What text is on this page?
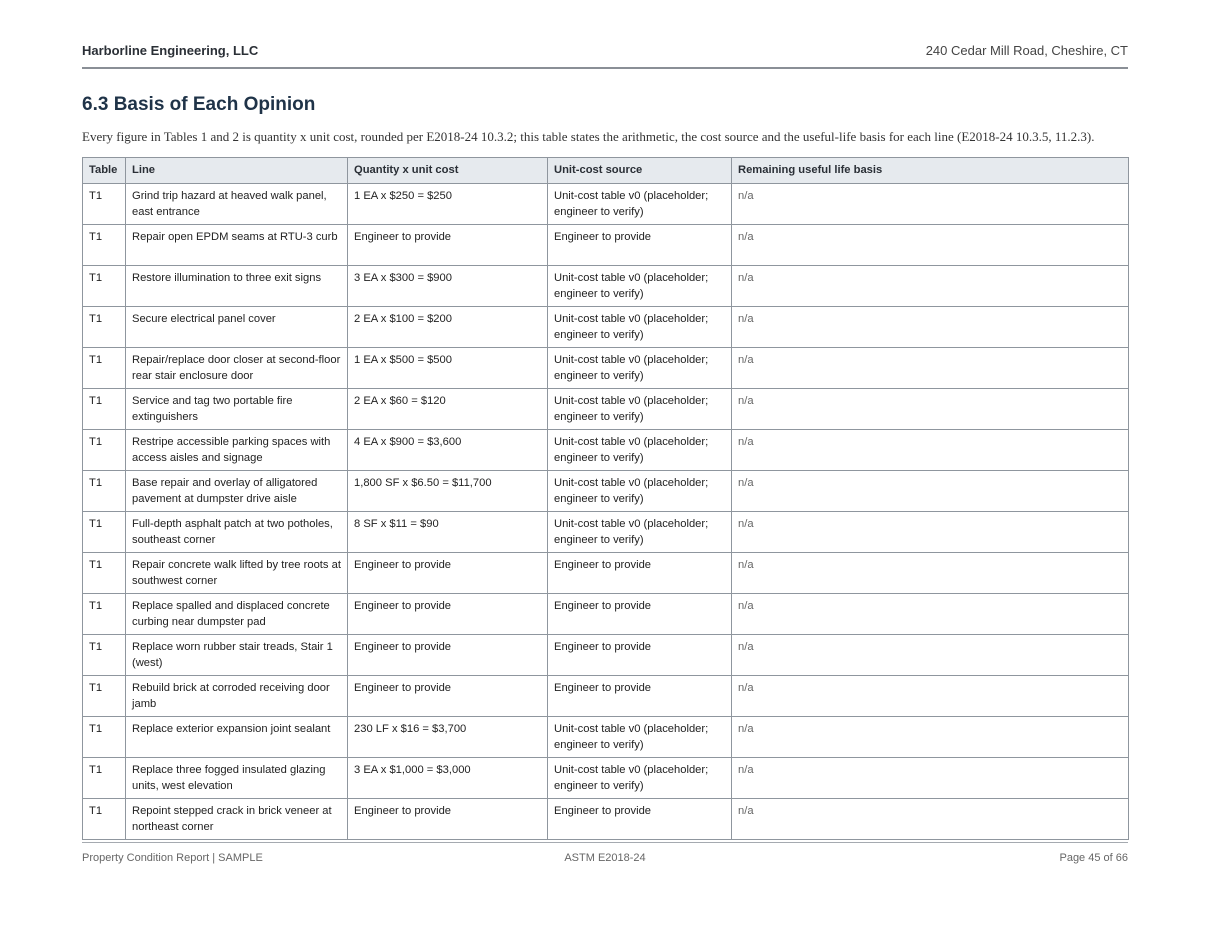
Harborline Engineering, LLC	240 Cedar Mill Road, Cheshire, CT
6.3 Basis of Each Opinion

Every figure in Tables 1 and 2 is quantity x unit cost, rounded per E2018-24 10.3.2; this table states the arithmetic, the cost source and the useful-life basis for each line (E2018-24 10.3.5, 11.2.3).

Table	Line	Quantity x unit cost	Unit-cost source	Remaining useful life basis
T1	Grind trip hazard at heaved walk panel, east entrance	1 EA x $250 = $250	Unit-cost table v0 (placeholder; engineer to verify)	n/a
T1	Repair open EPDM seams at RTU-3 curb	Engineer to provide	Engineer to provide	n/a
T1	Restore illumination to three exit signs	3 EA x $300 = $900	Unit-cost table v0 (placeholder; engineer to verify)	n/a
T1	Secure electrical panel cover	2 EA x $100 = $200	Unit-cost table v0 (placeholder; engineer to verify)	n/a
T1	Repair/replace door closer at second-floor rear stair enclosure door	1 EA x $500 = $500	Unit-cost table v0 (placeholder; engineer to verify)	n/a
T1	Service and tag two portable fire extinguishers	2 EA x $60 = $120	Unit-cost table v0 (placeholder; engineer to verify)	n/a
T1	Restripe accessible parking spaces with access aisles and signage	4 EA x $900 = $3,600	Unit-cost table v0 (placeholder; engineer to verify)	n/a
T1	Base repair and overlay of alligatored pavement at dumpster drive aisle	1,800 SF x $6.50 = $11,700	Unit-cost table v0 (placeholder; engineer to verify)	n/a
T1	Full-depth asphalt patch at two potholes, southeast corner	8 SF x $11 = $90	Unit-cost table v0 (placeholder; engineer to verify)	n/a
T1	Repair concrete walk lifted by tree roots at southwest corner	Engineer to provide	Engineer to provide	n/a
T1	Replace spalled and displaced concrete curbing near dumpster pad	Engineer to provide	Engineer to provide	n/a
T1	Replace worn rubber stair treads, Stair 1 (west)	Engineer to provide	Engineer to provide	n/a
T1	Rebuild brick at corroded receiving door jamb	Engineer to provide	Engineer to provide	n/a
T1	Replace exterior expansion joint sealant	230 LF x $16 = $3,700	Unit-cost table v0 (placeholder; engineer to verify)	n/a
T1	Replace three fogged insulated glazing units, west elevation	3 EA x $1,000 = $3,000	Unit-cost table v0 (placeholder; engineer to verify)	n/a
T1	Repoint stepped crack in brick veneer at northeast corner	Engineer to provide	Engineer to provide	n/a
Property Condition Report | SAMPLE	ASTM E2018-24	Page 45 of 66
